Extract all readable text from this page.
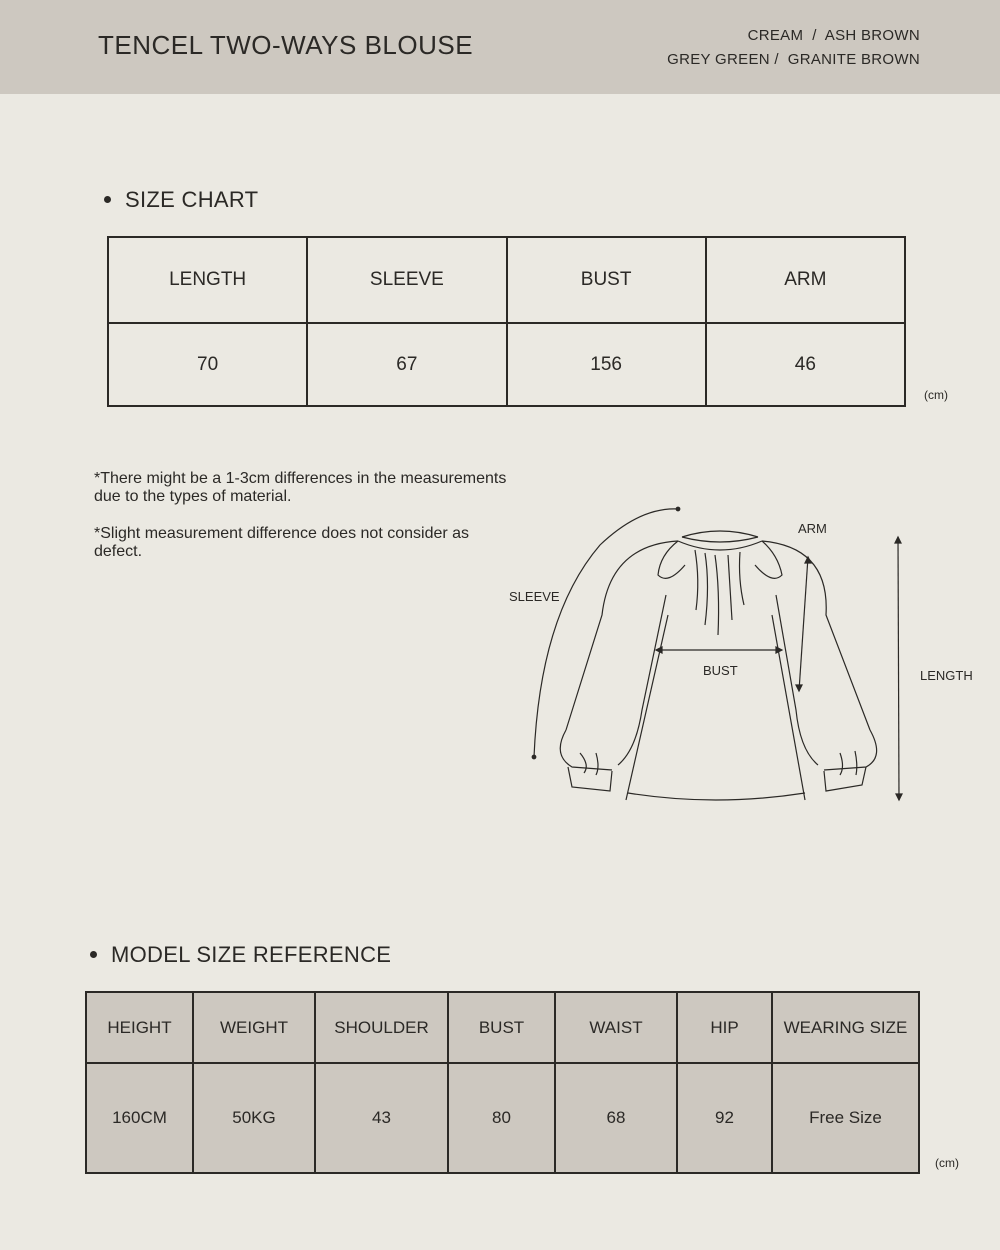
TENCEL TWO-WAYS BLOUSE	CREAM  /  ASH BROWN
GREY GREEN /  GRANITE BROWN
SIZE CHART
LENGTH	SLEEVE	BUST	ARM
70	67	156	46
(cm)

*There might be a 1-3cm differences in the measurements due to the types of material.

*Slight measurement difference does not consider as defect.

SLEEVE
ARM
BUST	LENGTH
MODEL SIZE REFERENCE
HEIGHT	WEIGHT	SHOULDER	BUST	WAIST	HIP	WEARING SIZE
160CM	50KG	43	80	68	92	Free Size
(cm)
